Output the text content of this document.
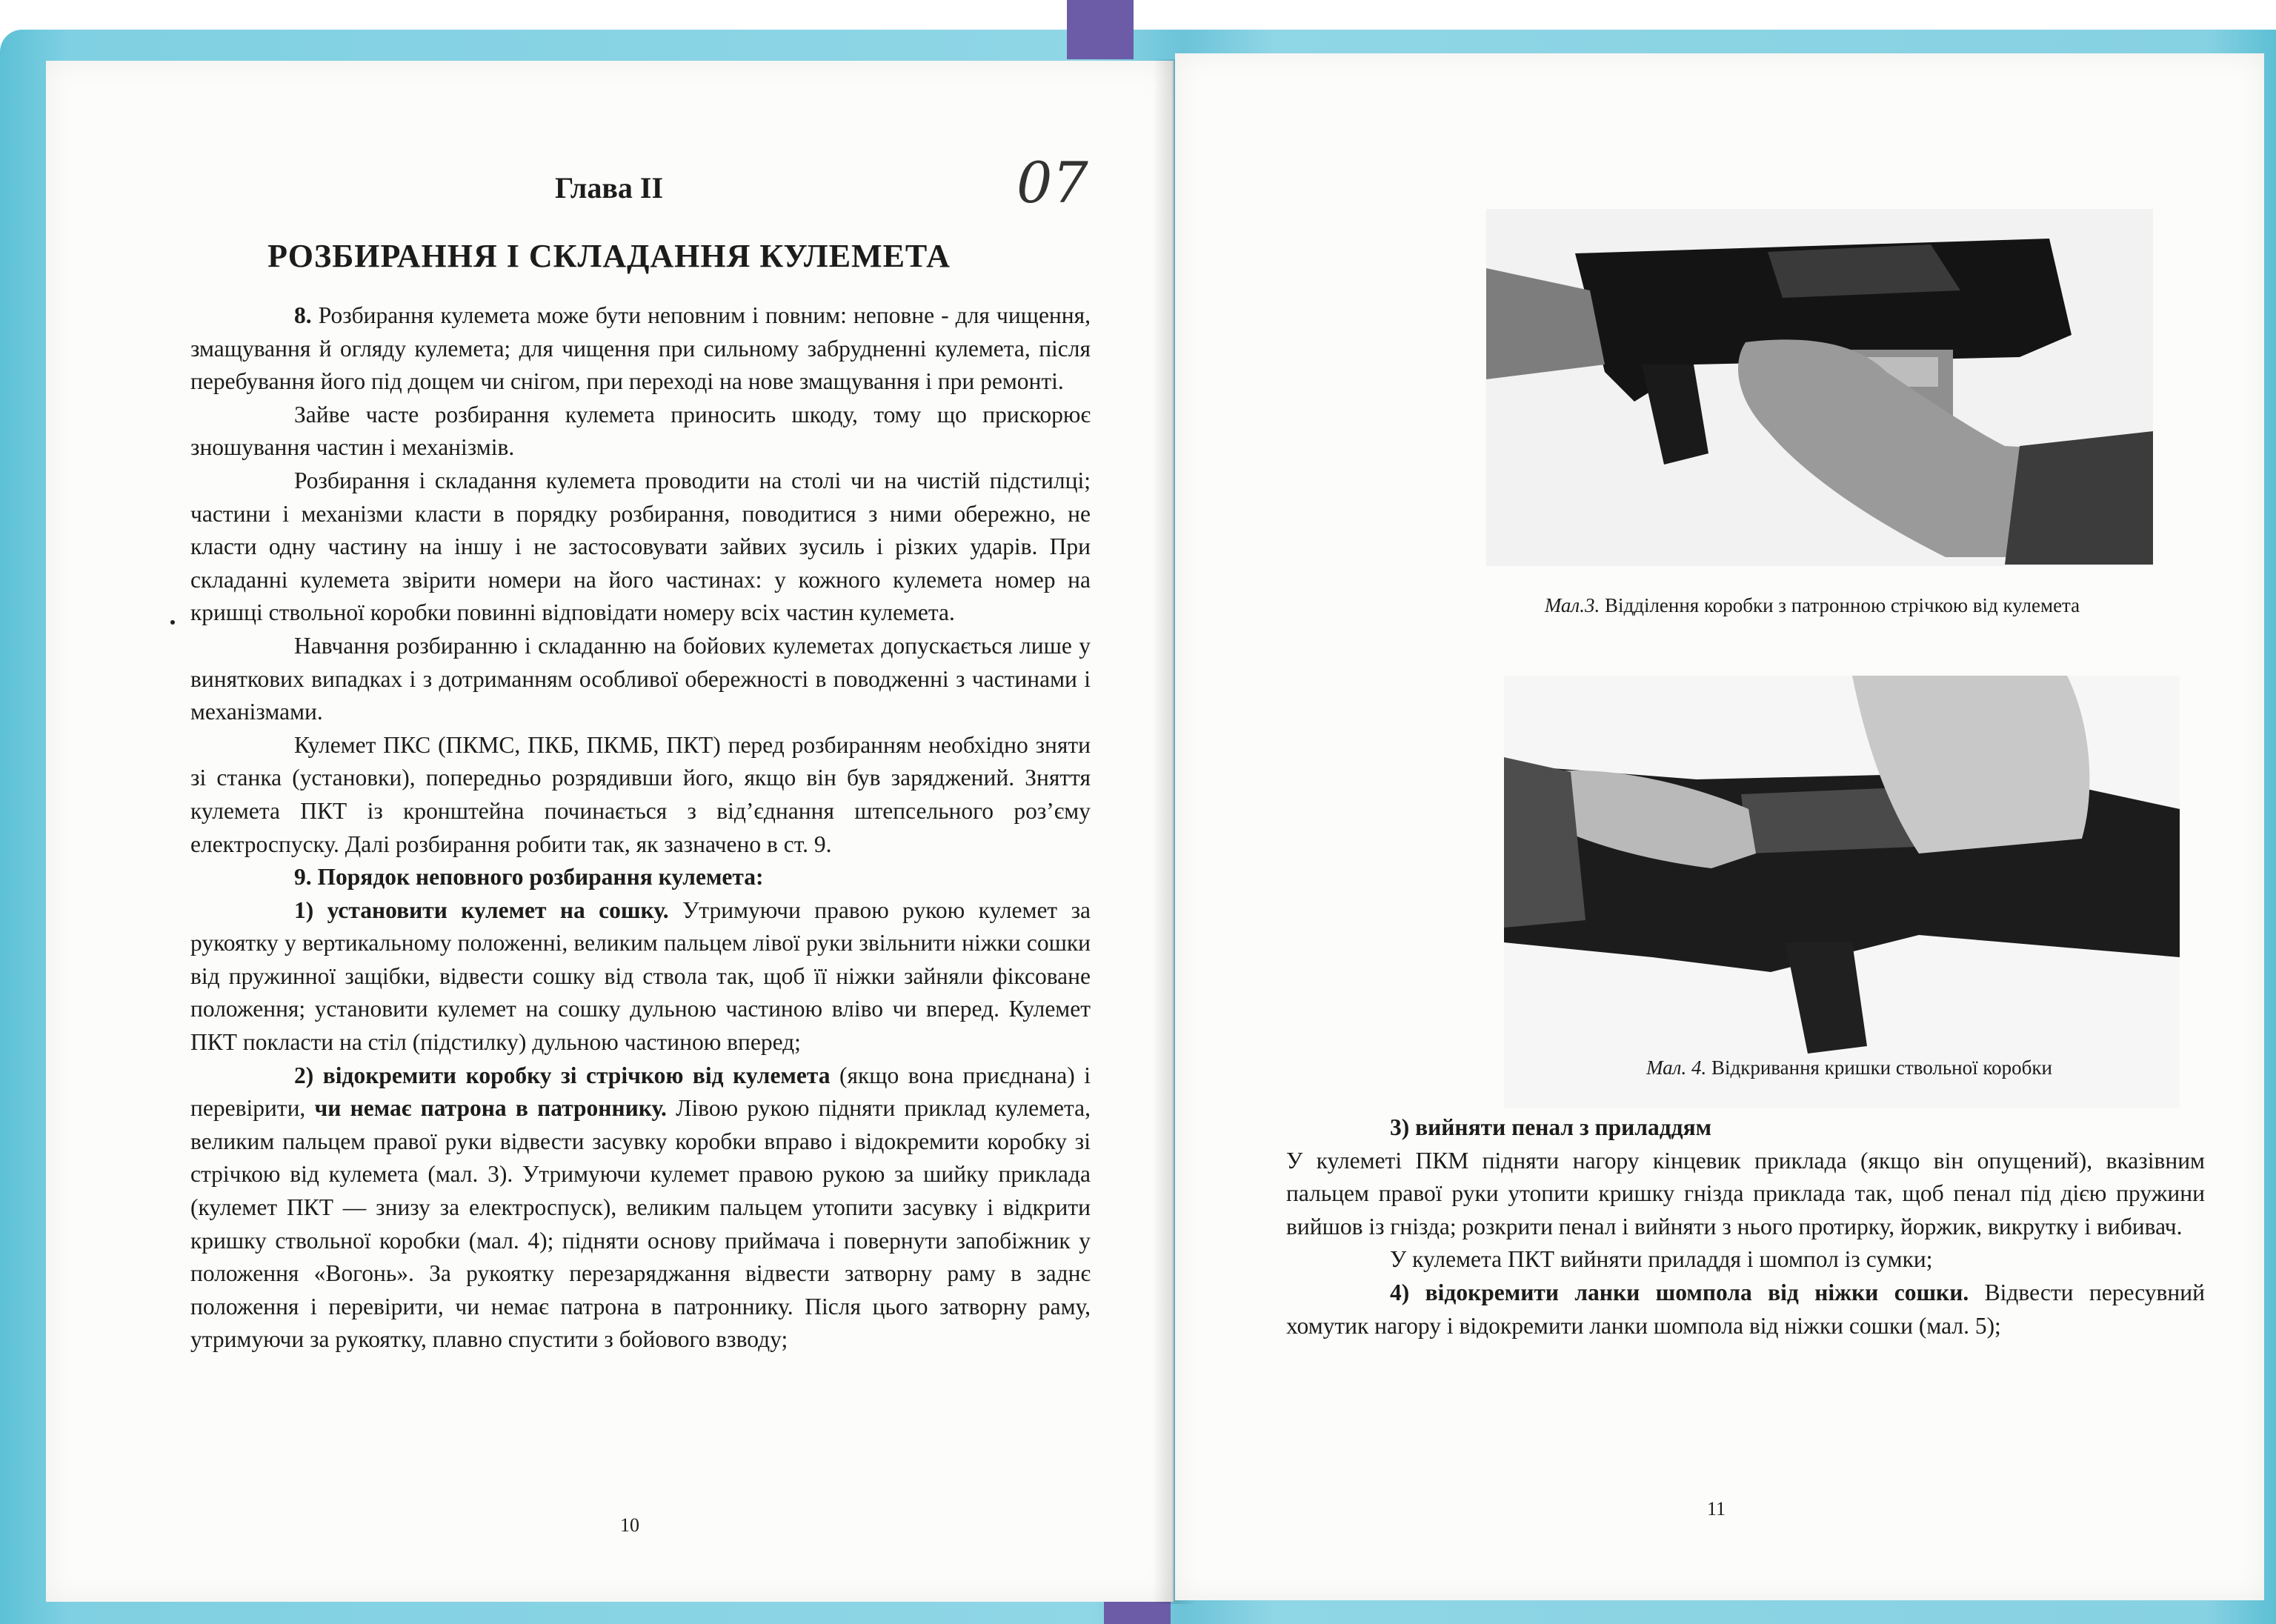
Глава II	07
РОЗБИРАННЯ І СКЛАДАННЯ КУЛЕМЕТА

8. Розбирання кулемета може бути неповним і повним: неповне - для чищення, змащування й огляду кулемета; для чищення при сильному забрудненні кулемета, після перебування його під дощем чи снігом, при переході на нове змащування і при ремонті.

Зайве часте розбирання кулемета приносить шкоду, тому що прискорює зношування частин і механізмів.

Розбирання і складання кулемета проводити на столі чи на чистій підстилці; частини і механізми класти в порядку розбирання, поводитися з ними обережно, не класти одну частину на іншу і не застосовувати зайвих зусиль і різких ударів. При складанні кулемета звірити номери на його частинах: у кожного кулемета номер на кришці ствольної коробки повинні відповідати номеру всіх частин кулемета.

Навчання розбиранню і складанню на бойових кулеметах допускається лише у виняткових випадках і з дотриманням особливої обережності в поводженні з частинами і механізмами.

Кулемет ПКС (ПКМС, ПКБ, ПКМБ, ПКТ) перед розбиранням необхідно зняти зі станка (установки), попередньо розрядивши його, якщо він був заряджений. Зняття кулемета ПКТ із кронштейна починається з від’єднання штепсельного роз’єму електроспуску. Далі розбирання робити так, як зазначено в ст. 9.

9. Порядок неповного розбирання кулемета:

1) установити кулемет на сошку. Утримуючи правою рукою кулемет за рукоятку у вертикальному положенні, великим пальцем лівої руки звільнити ніжки сошки від пружинної защібки, відвести сошку від ствола так, щоб її ніжки зайняли фіксоване положення; установити кулемет на сошку дульною частиною вліво чи вперед. Кулемет ПКТ покласти на стіл (підстилку) дульною частиною вперед;

2) відокремити коробку зі стрічкою від кулемета (якщо вона приєднана) і перевірити, чи немає патрона в патроннику. Лівою рукою підняти приклад кулемета, великим пальцем правої руки відвести засувку коробки вправо і відокремити коробку зі стрічкою від кулемета (мал. 3). Утримуючи кулемет правою рукою за шийку приклада (кулемет ПКТ — знизу за електроспуск), великим пальцем утопити засувку і відкрити кришку ствольної коробки (мал. 4); підняти основу приймача і повернути запобіжник у положення «Вогонь». За рукоятку перезаряджання відвести затворну раму в заднє положення і перевірити, чи немає патрона в патроннику. Після цього затворну раму, утримуючи за рукоятку, плавно спустити з бойового взводу;

10
Мал.3. Відділення коробки з патронною стрічкою від кулемета
Мал. 4. Відкривання кришки ствольної коробки

3) вийняти пенал з приладдям

У кулеметі ПКМ підняти нагору кінцевик приклада (якщо він опущений), вказівним пальцем правої руки утопити кришку гнізда приклада так, щоб пенал під дією пружини вийшов із гнізда; розкрити пенал і вийняти з нього протирку, йоржик, викрутку і вибивач.

У кулемета ПКТ вийняти приладдя і шомпол із сумки;

4) відокремити ланки шомпола від ніжки сошки. Відвести пересувний хомутик нагору і відокремити ланки шомпола від ніжки сошки (мал. 5);

11
